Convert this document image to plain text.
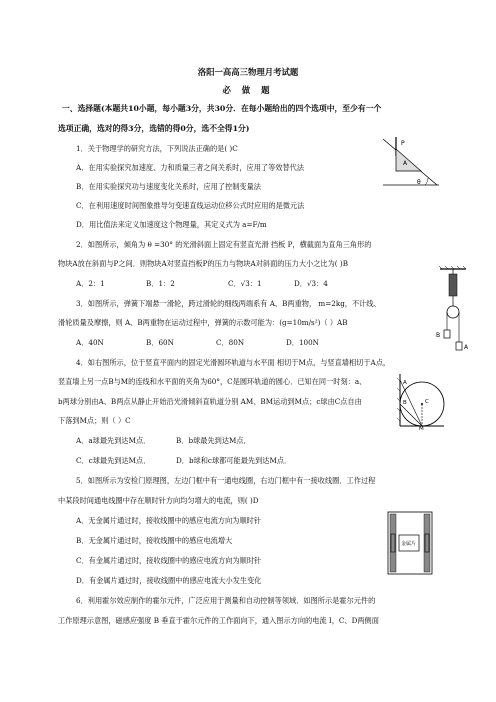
洛阳一高高三物理月考试题
必 做 题
一、选择题(本题共10小题，每小题3分，共30分．在每小题给出的四个选项中，至少有一个
选项正确，选对的得3分，选错的得0分，选不全得1分)
1．关于物理学的研究方法，下列说法正确的是( )C
A．在用实验探究加速度、力和质量三者之间关系时，应用了等效替代法
B．在用实验探究功与速度变化关系时，应用了控制变量法
C．在利用速度时间图象推导匀变速直线运动位移公式时应用的是微元法
D．用比值法来定义加速度这个物理量，其定义式为 a=F/m
P
A
θ
2．如图所示，倾角为 θ =30° 的光滑斜面上固定有竖直光滑 挡板 P，横截面为直角三角形的
物块A放在斜面与P之间．则物块A对竖直挡板P的压力与物块A对斜面的压力大小之比为( )B
A．2：1	B．1：2	C．√3：1	D．√3：4
B
A
3．如图所示，弹簧下端悬一滑轮，跨过滑轮的细线两端系有 A、B两重物， m=2kg，不计线、
滑轮质量及摩擦，则 A、B两重物在运动过程中，弹簧的示数可能为：(g=10m/s²)（ ）AB
A．40N	B．60N	C．80N	D．100N
4．如右图所示，位于竖直平面内的固定光滑圆环轨道与水平面 相切于M点，与竖直墙相切于A点，
竖直墙上另一点B与M的连线和水平面的夹角为60°，C是圆环轨道的圆心．已知在同一时刻：a、
b两球分别由A、B两点从静止开始沿光滑倾斜直轨道分别 AM、BM运动到M点；c球由C点自由
下落到M点；则（ ）C
A．a球最先到达M点．	B．b球最先到达M点．
C．c球最先到达M点．	D．b球和c球都可能最先到达M点．
A
B	C
M
5．如图所示为安检门原理图，左边门框中有一通电线圈，右边门框中有一接收线圈．工作过程
中某段时间通电线圈中存在顺时针方向均匀增大的电流，则( )D
A．无金属片通过时，接收线圈中的感应电流方向为顺时针
B．无金属片通过时，接收线圈中的感应电流增大
C．有金属片通过时，接收线圈中的感应电流方向为顺时针
D．有金属片通过时，接收线圈中的感应电流大小发生变化
金属片
6．利用霍尔效应制作的霍尔元件，广泛应用于测量和自动控制等领域．如图所示是霍尔元件的
工作原理示意图，磁感应强度 B 垂直于霍尔元件的工作面向下，通入图示方向的电流 I，C、D两侧面
